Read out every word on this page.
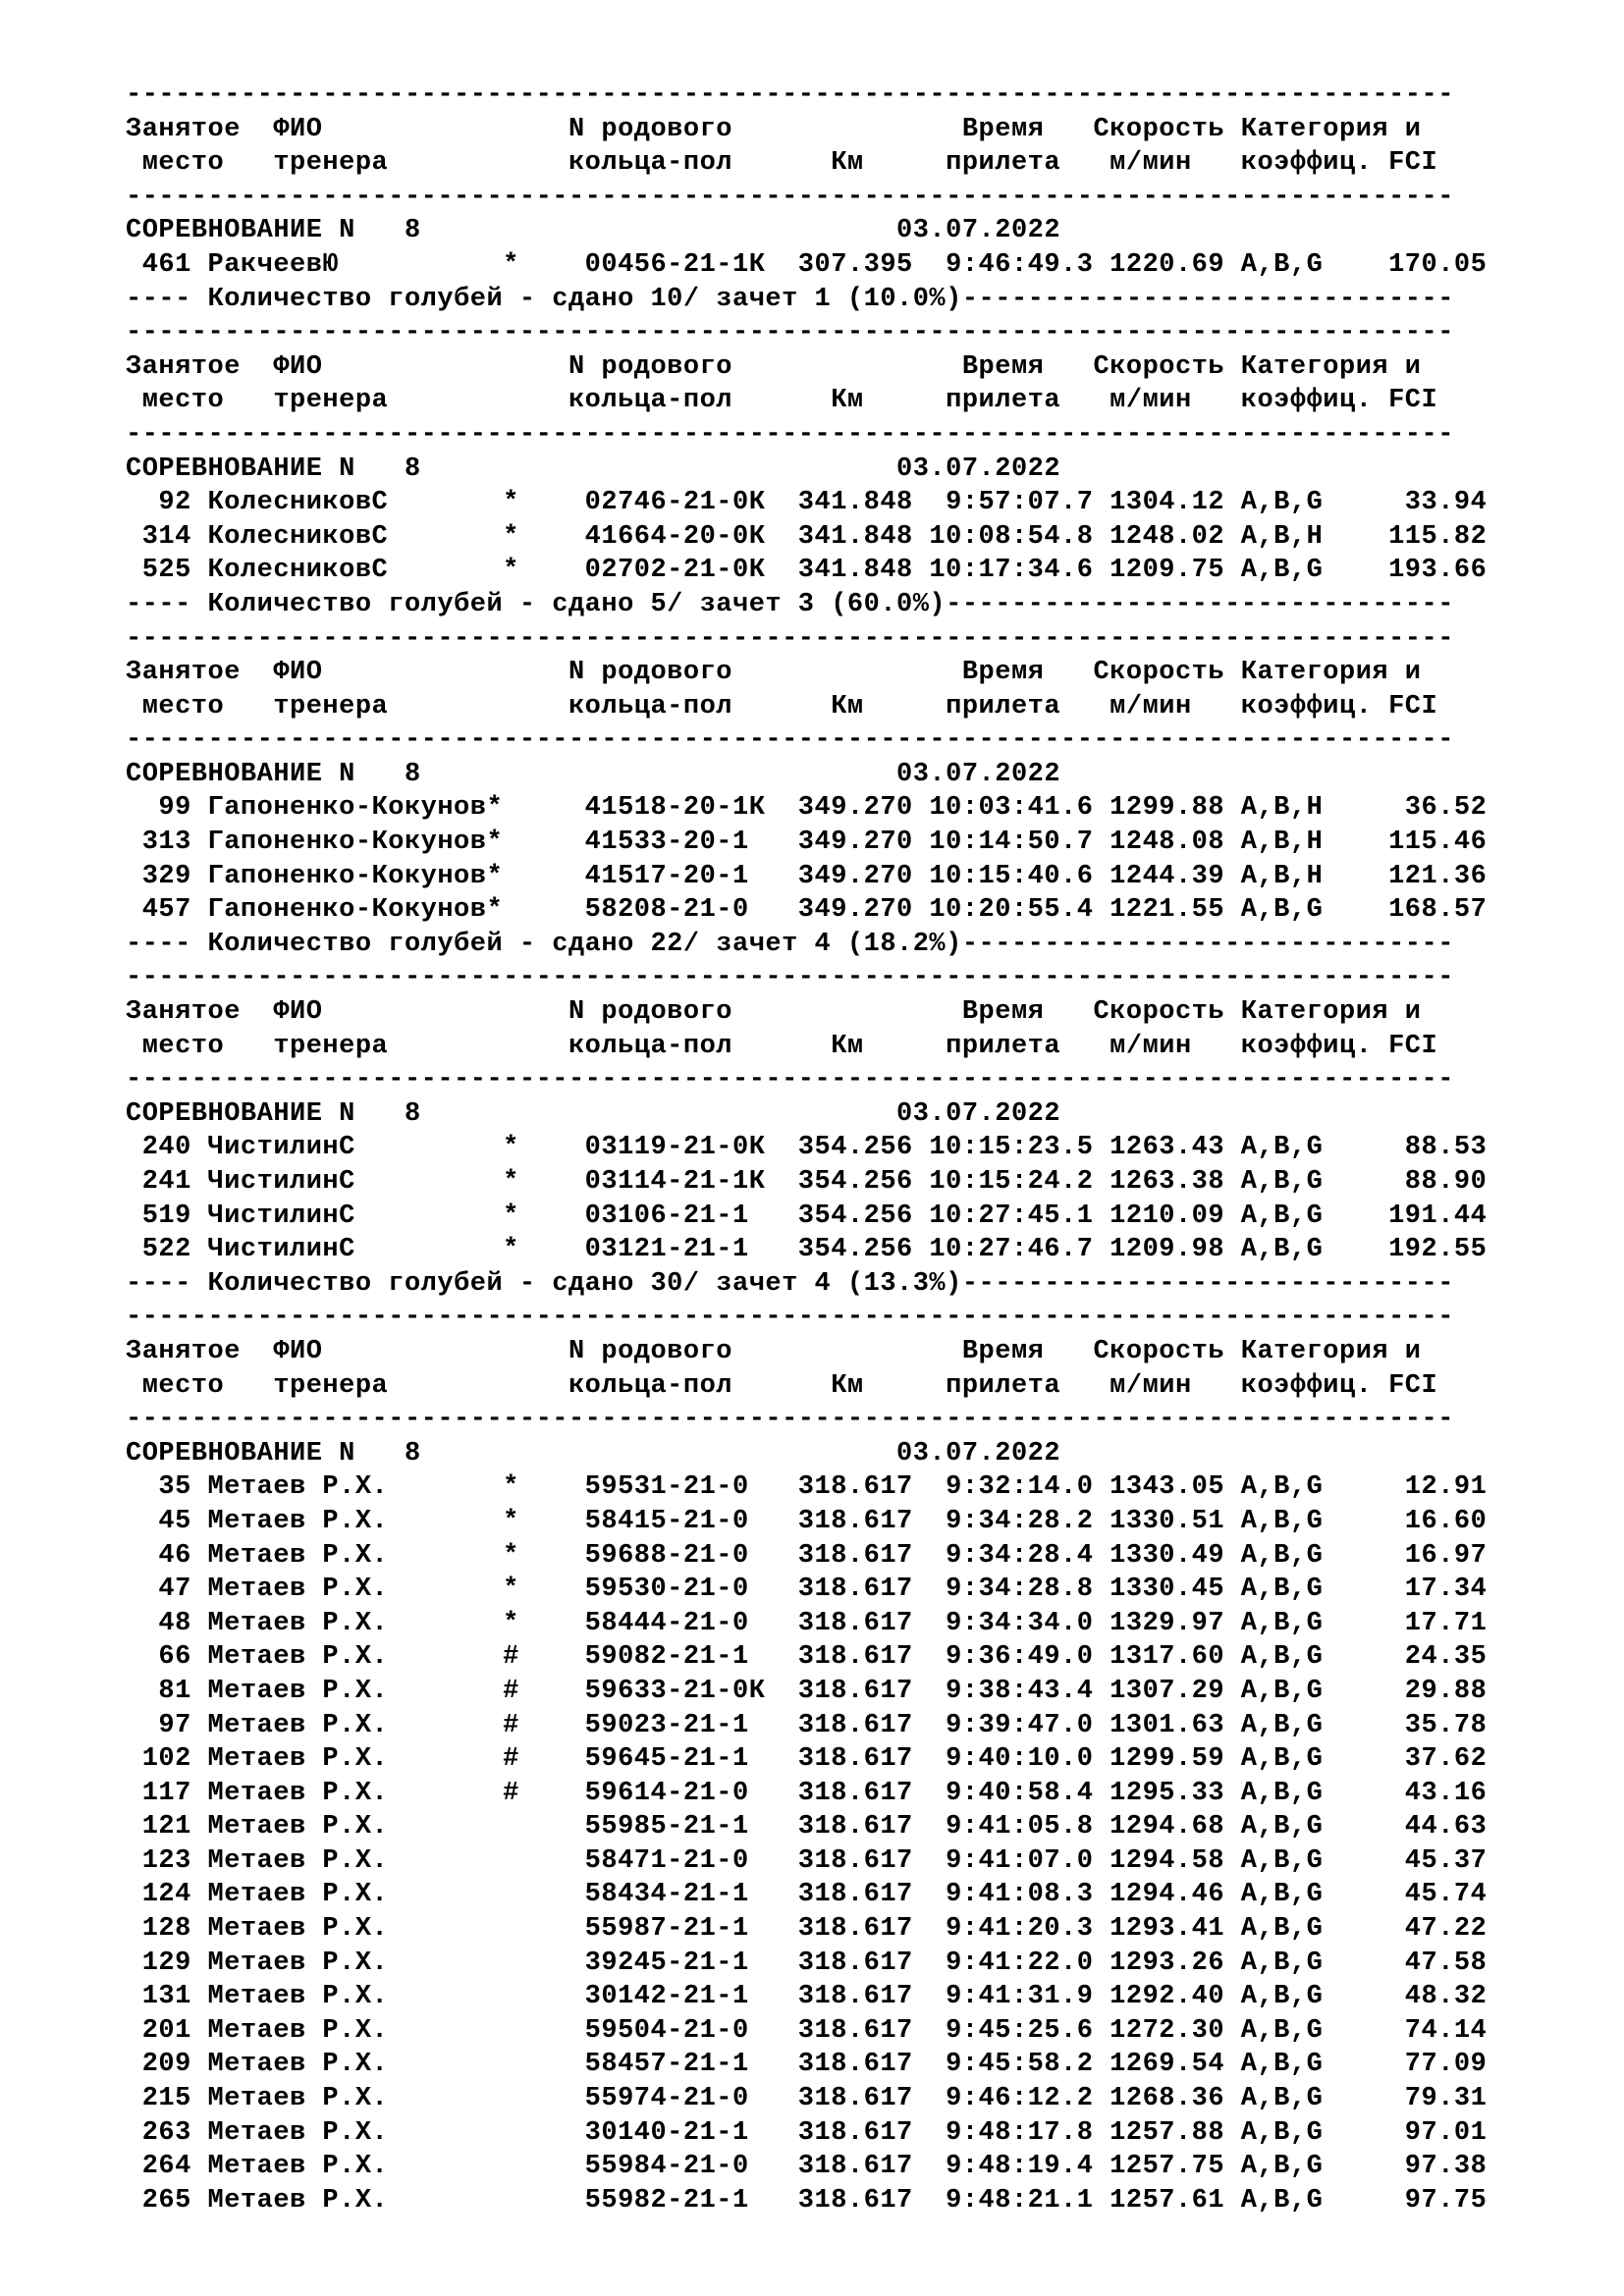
---------------------------------------------------------------------------------
Занятое  ФИО               N родового              Время   Скорость Категория и
место   тренера           кольца-пол      Км     прилета   м/мин   коэффиц. FCI
---------------------------------------------------------------------------------
СОРЕВНОВАНИЕ N   8                             03.07.2022
461 РакчеевЮ          *    00456-21-1К  307.395  9:46:49.3 1220.69 A,B,G    170.05
---- Количество голубей - сдано 10/ зачет 1 (10.0%)------------------------------
---------------------------------------------------------------------------------
Занятое  ФИО               N родового              Время   Скорость Категория и
место   тренера           кольца-пол      Км     прилета   м/мин   коэффиц. FCI
---------------------------------------------------------------------------------
СОРЕВНОВАНИЕ N   8                             03.07.2022
92 КолесниковС       *    02746-21-0К  341.848  9:57:07.7 1304.12 A,B,G     33.94
314 КолесниковС       *    41664-20-0К  341.848 10:08:54.8 1248.02 A,B,H    115.82
525 КолесниковС       *    02702-21-0К  341.848 10:17:34.6 1209.75 A,B,G    193.66
---- Количество голубей - сдано 5/ зачет 3 (60.0%)-------------------------------
---------------------------------------------------------------------------------
Занятое  ФИО               N родового              Время   Скорость Категория и
место   тренера           кольца-пол      Км     прилета   м/мин   коэффиц. FCI
---------------------------------------------------------------------------------
СОРЕВНОВАНИЕ N   8                             03.07.2022
99 Гапоненко-Кокунов*     41518-20-1К  349.270 10:03:41.6 1299.88 A,B,H     36.52
313 Гапоненко-Кокунов*     41533-20-1   349.270 10:14:50.7 1248.08 A,B,H    115.46
329 Гапоненко-Кокунов*     41517-20-1   349.270 10:15:40.6 1244.39 A,B,H    121.36
457 Гапоненко-Кокунов*     58208-21-0   349.270 10:20:55.4 1221.55 A,B,G    168.57
---- Количество голубей - сдано 22/ зачет 4 (18.2%)------------------------------
---------------------------------------------------------------------------------
Занятое  ФИО               N родового              Время   Скорость Категория и
место   тренера           кольца-пол      Км     прилета   м/мин   коэффиц. FCI
---------------------------------------------------------------------------------
СОРЕВНОВАНИЕ N   8                             03.07.2022
240 ЧистилинС         *    03119-21-0К  354.256 10:15:23.5 1263.43 A,B,G     88.53
241 ЧистилинС         *    03114-21-1К  354.256 10:15:24.2 1263.38 A,B,G     88.90
519 ЧистилинС         *    03106-21-1   354.256 10:27:45.1 1210.09 A,B,G    191.44
522 ЧистилинС         *    03121-21-1   354.256 10:27:46.7 1209.98 A,B,G    192.55
---- Количество голубей - сдано 30/ зачет 4 (13.3%)------------------------------
---------------------------------------------------------------------------------
Занятое  ФИО               N родового              Время   Скорость Категория и
место   тренера           кольца-пол      Км     прилета   м/мин   коэффиц. FCI
---------------------------------------------------------------------------------
СОРЕВНОВАНИЕ N   8                             03.07.2022
35 Метаев Р.Х.       *    59531-21-0   318.617  9:32:14.0 1343.05 A,B,G     12.91
45 Метаев Р.Х.       *    58415-21-0   318.617  9:34:28.2 1330.51 A,B,G     16.60
46 Метаев Р.Х.       *    59688-21-0   318.617  9:34:28.4 1330.49 A,B,G     16.97
47 Метаев Р.Х.       *    59530-21-0   318.617  9:34:28.8 1330.45 A,B,G     17.34
48 Метаев Р.Х.       *    58444-21-0   318.617  9:34:34.0 1329.97 A,B,G     17.71
66 Метаев Р.Х.       #    59082-21-1   318.617  9:36:49.0 1317.60 A,B,G     24.35
81 Метаев Р.Х.       #    59633-21-0К  318.617  9:38:43.4 1307.29 A,B,G     29.88
97 Метаев Р.Х.       #    59023-21-1   318.617  9:39:47.0 1301.63 A,B,G     35.78
102 Метаев Р.Х.       #    59645-21-1   318.617  9:40:10.0 1299.59 A,B,G     37.62
117 Метаев Р.Х.       #    59614-21-0   318.617  9:40:58.4 1295.33 A,B,G     43.16
121 Метаев Р.Х.            55985-21-1   318.617  9:41:05.8 1294.68 A,B,G     44.63
123 Метаев Р.Х.            58471-21-0   318.617  9:41:07.0 1294.58 A,B,G     45.37
124 Метаев Р.Х.            58434-21-1   318.617  9:41:08.3 1294.46 A,B,G     45.74
128 Метаев Р.Х.            55987-21-1   318.617  9:41:20.3 1293.41 A,B,G     47.22
129 Метаев Р.Х.            39245-21-1   318.617  9:41:22.0 1293.26 A,B,G     47.58
131 Метаев Р.Х.            30142-21-1   318.617  9:41:31.9 1292.40 A,B,G     48.32
201 Метаев Р.Х.            59504-21-0   318.617  9:45:25.6 1272.30 A,B,G     74.14
209 Метаев Р.Х.            58457-21-1   318.617  9:45:58.2 1269.54 A,B,G     77.09
215 Метаев Р.Х.            55974-21-0   318.617  9:46:12.2 1268.36 A,B,G     79.31
263 Метаев Р.Х.            30140-21-1   318.617  9:48:17.8 1257.88 A,B,G     97.01
264 Метаев Р.Х.            55984-21-0   318.617  9:48:19.4 1257.75 A,B,G     97.38
265 Метаев Р.Х.            55982-21-1   318.617  9:48:21.1 1257.61 A,B,G     97.75
